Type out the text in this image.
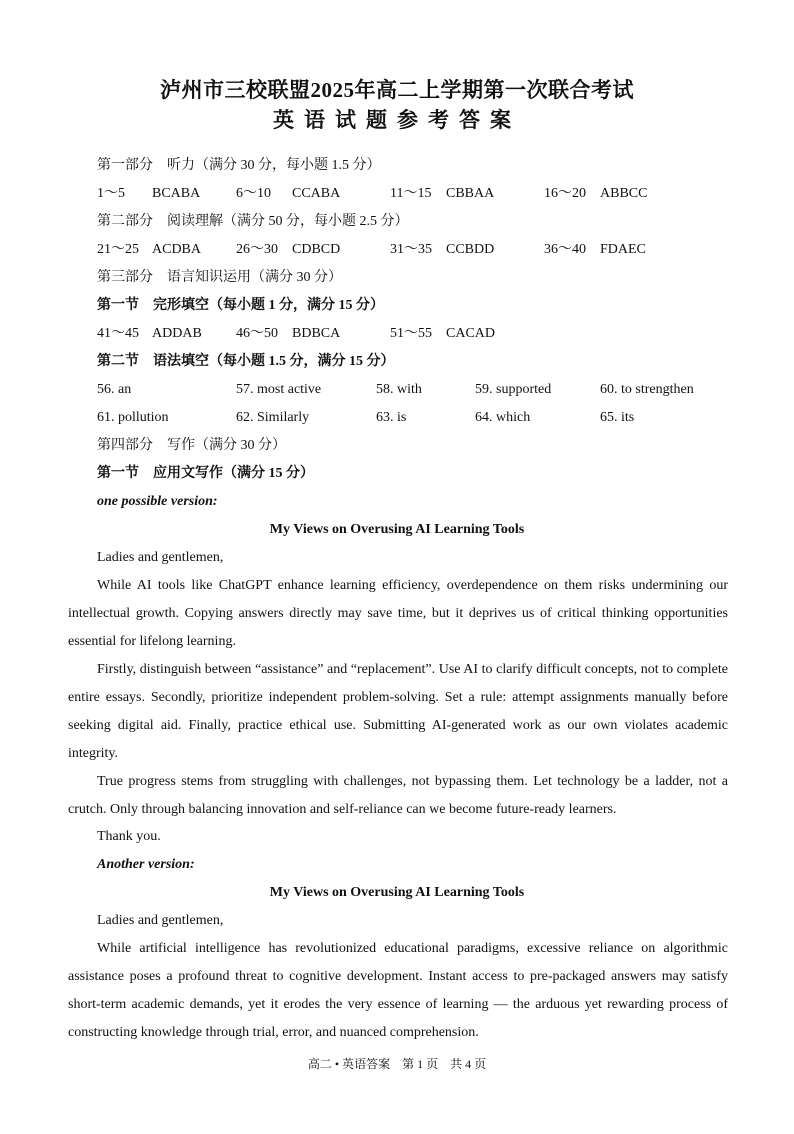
泸州市三校联盟2025年高二上学期第一次联合考试
英语试题参考答案

第一部分　听力（满分 30 分，每小题 1.5 分）

1～5 BCABA	6～10 CCABA	11～15 CBBAA	16～20 ABBCC

第二部分　阅读理解（满分 50 分，每小题 2.5 分）

21～25 ACDBA 26～30 CDBCD	31～35 CCBDD	36～40 FDAEC

第三部分　语言知识运用（满分 30 分）

第一节　完形填空（每小题 1 分，满分 15 分）

41～45 ADDAB 46～50 BDBCA	51～55 CACAD

第二节　语法填空（每小题 1.5 分，满分 15 分）

56. an	57. most active	58. with	59. supported	60. to strengthen
61. pollution	62. Similarly	63. is	64. which	65. its

第四部分　写作（满分 30 分）

第一节　应用文写作（满分 15 分）

one possible version:

My Views on Overusing AI Learning Tools

Ladies and gentlemen,

While AI tools like ChatGPT enhance learning efficiency, overdependence on them risks undermining our intellectual growth. Copying answers directly may save time, but it deprives us of critical thinking opportunities essential for lifelong learning.

Firstly, distinguish between “assistance” and “replacement”. Use AI to clarify difficult concepts, not to complete entire essays. Secondly, prioritize independent problem-solving. Set a rule: attempt assignments manually before seeking digital aid. Finally, practice ethical use. Submitting AI-generated work as our own violates academic integrity.

True progress stems from struggling with challenges, not bypassing them. Let technology be a ladder, not a crutch. Only through balancing innovation and self-reliance can we become future-ready learners.

Thank you.

Another version:

My Views on Overusing AI Learning Tools

Ladies and gentlemen,

While artificial intelligence has revolutionized educational paradigms, excessive reliance on algorithmic assistance poses a profound threat to cognitive development. Instant access to pre-packaged answers may satisfy short-term academic demands, yet it erodes the very essence of learning — the arduous yet rewarding process of constructing knowledge through trial, error, and nuanced comprehension.

高二 • 英语答案　第 1 页　共 4 页
